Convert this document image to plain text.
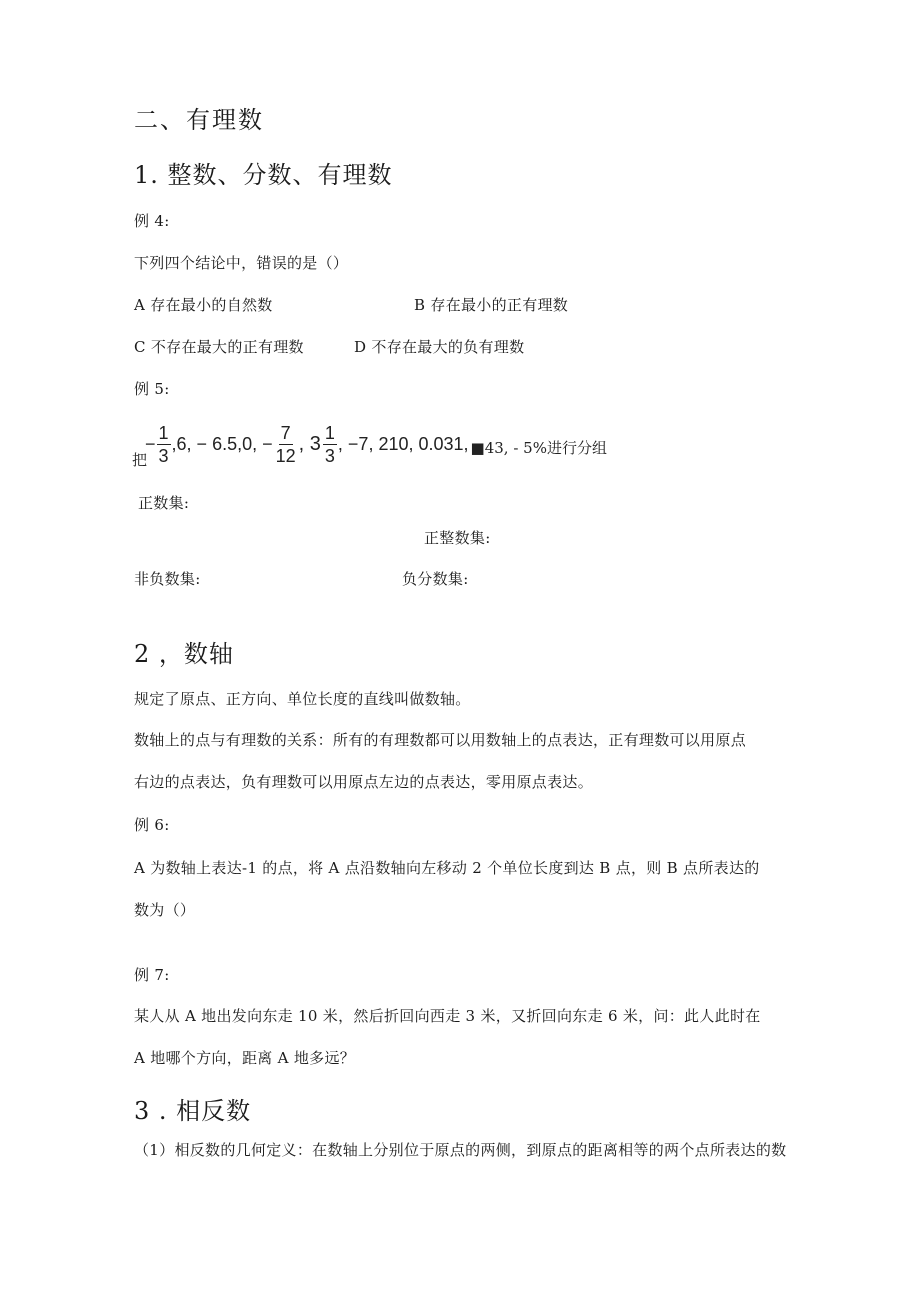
二、有理数
1. 整数、分数、有理数
例 4:
下列四个结论中，错误的是（）
A 存在最小的自然数	B 存在最小的正有理数
C 不存在最大的正有理数	D 不存在最大的负有理数
例 5:
把
− $\frac{1}{3} ,6$, − 6.5,0, − $\frac{7}{12}$ , $3 \frac{1}{3}$ , −7, 210, 0.031, ■43, - 5%进行分组
正数集:
正整数集:
非负数集:	负分数集:
2 ，数轴
规定了原点、正方向、单位长度的直线叫做数轴。
数轴上的点与有理数的关系：所有的有理数都可以用数轴上的点表达，正有理数可以用原点
右边的点表达，负有理数可以用原点左边的点表达，零用原点表达。
例 6:
A 为数轴上表达-1 的点，将 A 点沿数轴向左移动 2 个单位长度到达 B 点，则 B 点所表达的
数为（）
例 7:
某人从 A 地出发向东走 10 米，然后折回向西走 3 米，又折回向东走 6 米，问：此人此时在
A 地哪个方向，距离 A 地多远？
3 . 相反数
（1）相反数的几何定义：在数轴上分别位于原点的两侧，到原点的距离相等的两个点所表达的数
